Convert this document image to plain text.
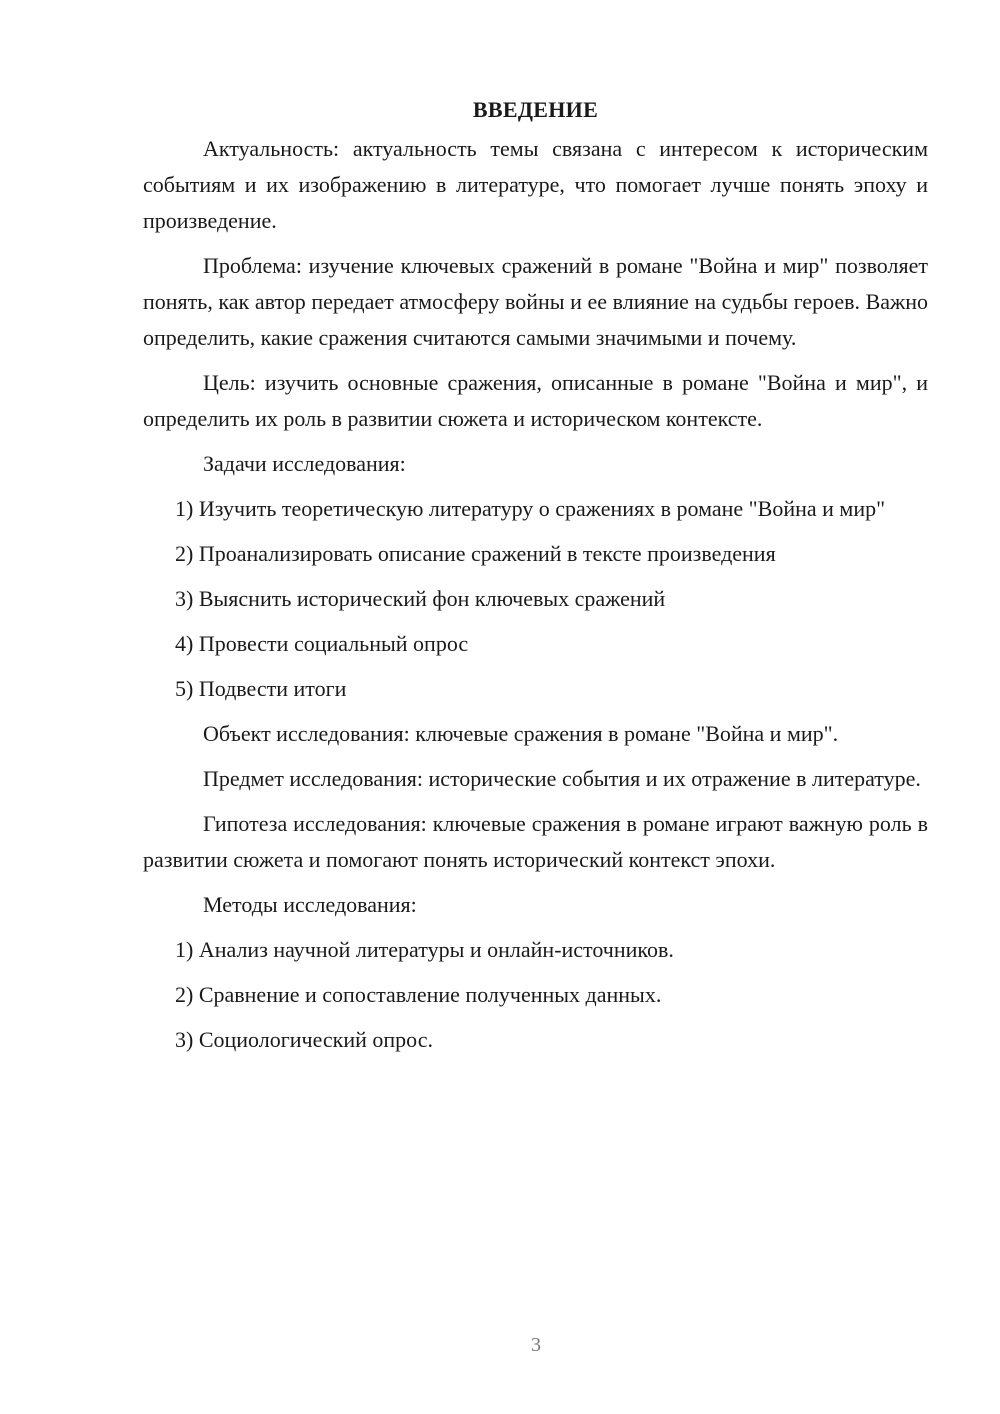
ВВЕДЕНИЕ

Актуальность: актуальность темы связана с интересом к историческим событиям и их изображению в литературе, что помогает лучше понять эпоху и произведение.

Проблема: изучение ключевых сражений в романе "Война и мир" позволяет понять, как автор передает атмосферу войны и ее влияние на судьбы героев. Важно определить, какие сражения считаются самыми значимыми и почему.

Цель: изучить основные сражения, описанные в романе "Война и мир", и определить их роль в развитии сюжета и историческом контексте.

Задачи исследования:

1) Изучить теоретическую литературу о сражениях в романе "Война и мир"

2) Проанализировать описание сражений в тексте произведения

3) Выяснить исторический фон ключевых сражений

4) Провести социальный опрос

5) Подвести итоги

Объект исследования: ключевые сражения в романе "Война и мир".

Предмет исследования: исторические события и их отражение в литературе.

Гипотеза исследования: ключевые сражения в романе играют важную роль в развитии сюжета и помогают понять исторический контекст эпохи.

Методы исследования:

1) Анализ научной литературы и онлайн-источников.

2) Сравнение и сопоставление полученных данных.

3) Социологический опрос.

3
